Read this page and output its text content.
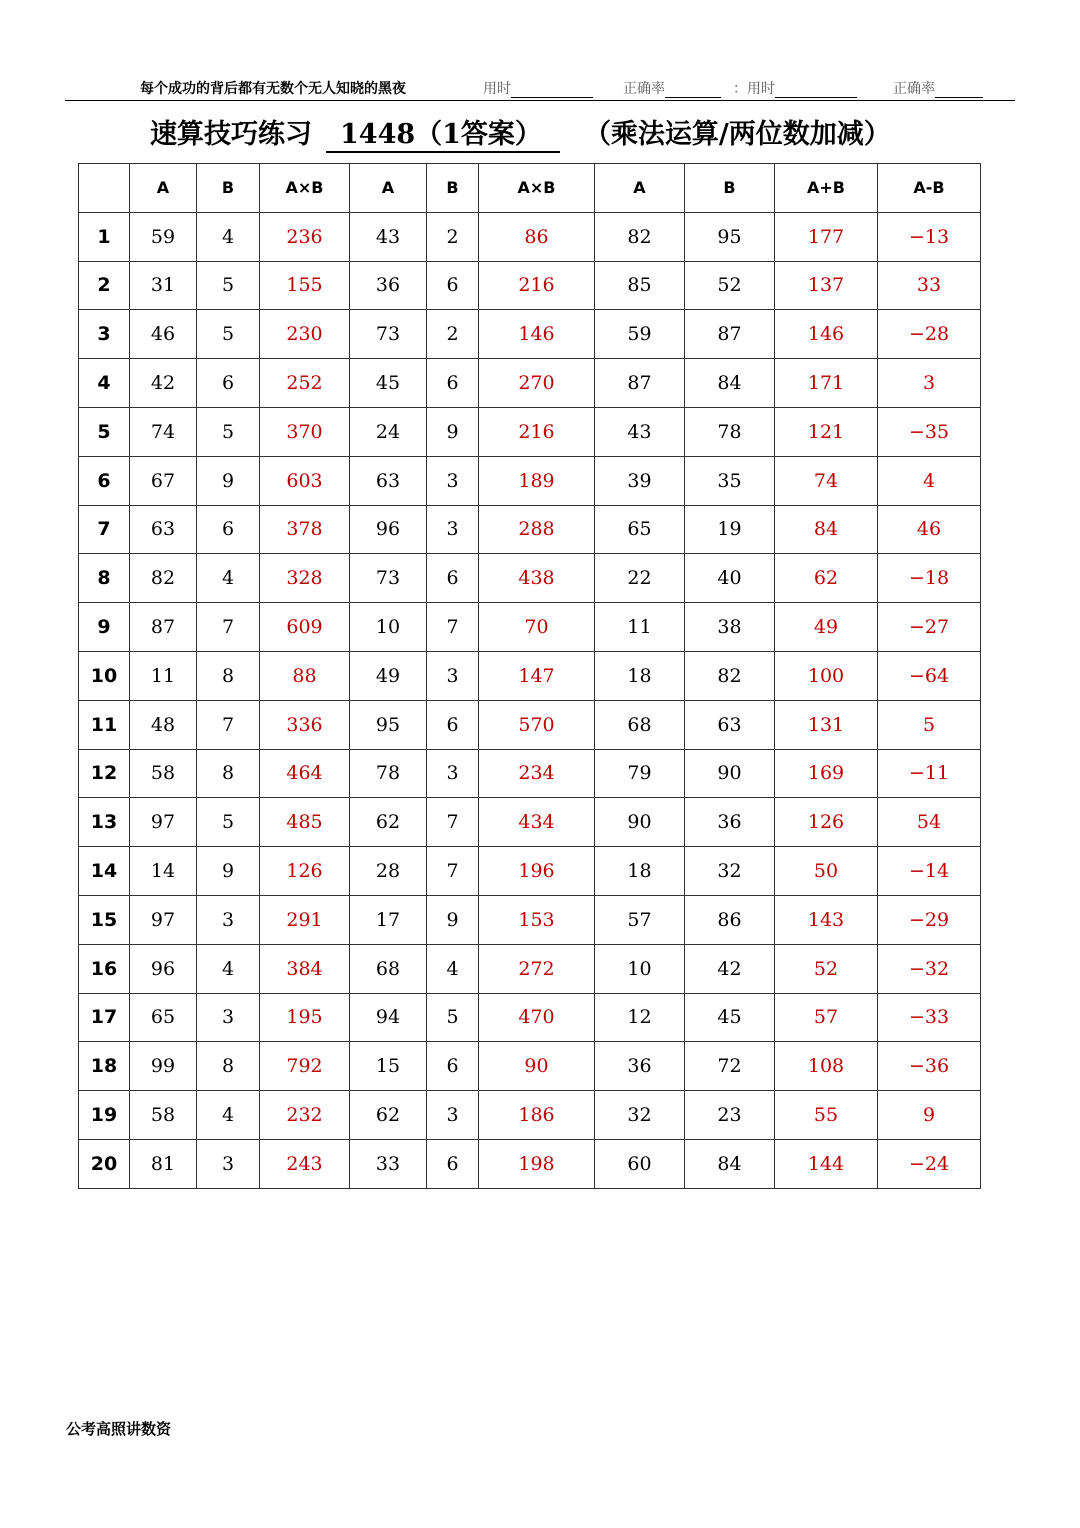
每个成功的背后都有无数个无人知晓的黑夜	用时	正确率	：用时	正确率
速算技巧练习 1448（1答案） （乘法运算/两位数加减）
	A	B	A×B	A	B	A×B	A	B	A+B	A-B
1	59	4	236	43	2	86	82	95	177	−13
2	31	5	155	36	6	216	85	52	137	33
3	46	5	230	73	2	146	59	87	146	−28
4	42	6	252	45	6	270	87	84	171	3
5	74	5	370	24	9	216	43	78	121	−35
6	67	9	603	63	3	189	39	35	74	4
7	63	6	378	96	3	288	65	19	84	46
8	82	4	328	73	6	438	22	40	62	−18
9	87	7	609	10	7	70	11	38	49	−27
10	11	8	88	49	3	147	18	82	100	−64
11	48	7	336	95	6	570	68	63	131	5
12	58	8	464	78	3	234	79	90	169	−11
13	97	5	485	62	7	434	90	36	126	54
14	14	9	126	28	7	196	18	32	50	−14
15	97	3	291	17	9	153	57	86	143	−29
16	96	4	384	68	4	272	10	42	52	−32
17	65	3	195	94	5	470	12	45	57	−33
18	99	8	792	15	6	90	36	72	108	−36
19	58	4	232	62	3	186	32	23	55	9
20	81	3	243	33	6	198	60	84	144	−24
公考高照讲数资
